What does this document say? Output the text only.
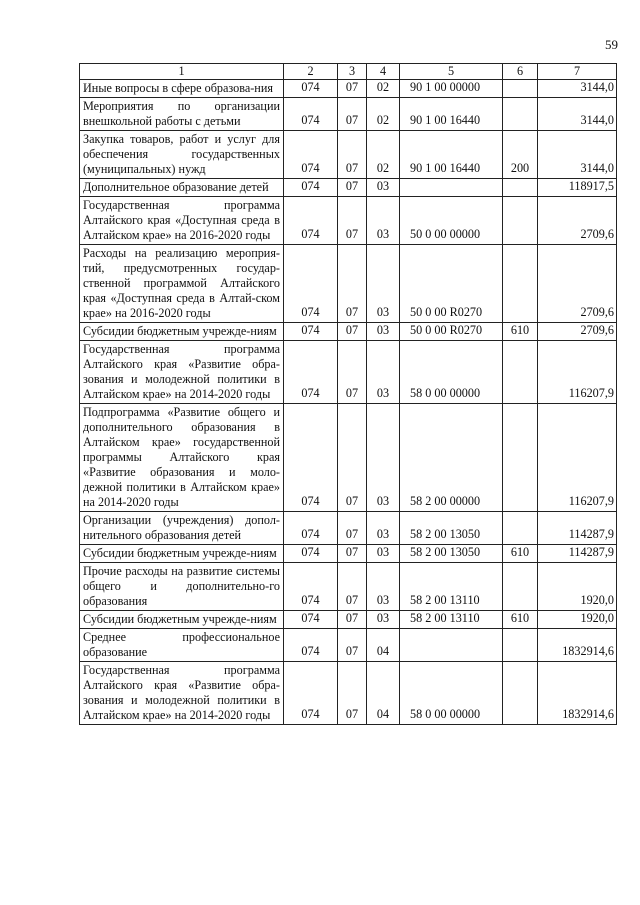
59
1	2	3	4	5	6	7
Иные вопросы в сфере образова-ния	074	07	02	90 1 00 00000		3144,0
Мероприятия по организации внешкольной работы с детьми	074	07	02	90 1 00 16440		3144,0
Закупка товаров, работ и услуг для обеспечения государственных (муниципальных) нужд	074	07	02	90 1 00 16440	200	3144,0
Дополнительное образование детей	074	07	03			118917,5
Государственная программа Алтайского края «Доступная среда в Алтайском крае» на 2016-2020 годы	074	07	03	50 0 00 00000		2709,6
Расходы на реализацию мероприя-тий, предусмотренных государ-ственной программой Алтайского края «Доступная среда в Алтай-ском крае» на 2016-2020 годы	074	07	03	50 0 00 R0270		2709,6
Субсидии бюджетным учрежде-ниям	074	07	03	50 0 00 R0270	610	2709,6
Государственная программа Алтайского края «Развитие обра-зования и молодежной политики в Алтайском крае» на 2014-2020 годы	074	07	03	58 0 00 00000		116207,9
Подпрограмма «Развитие общего и дополнительного образования в Алтайском крае» государственной программы Алтайского края «Развитие образования и моло-дежной политики в Алтайском крае» на 2014-2020 годы	074	07	03	58 2 00 00000		116207,9
Организации (учреждения) допол-нительного образования детей	074	07	03	58 2 00 13050		114287,9
Субсидии бюджетным учрежде-ниям	074	07	03	58 2 00 13050	610	114287,9
Прочие расходы на развитие системы общего и дополнительно-го образования	074	07	03	58 2 00 13110		1920,0
Субсидии бюджетным учрежде-ниям	074	07	03	58 2 00 13110	610	1920,0
Среднее профессиональное образование	074	07	04			1832914,6
Государственная программа Алтайского края «Развитие обра-зования и молодежной политики в Алтайском крае» на 2014-2020 годы	074	07	04	58 0 00 00000		1832914,6
